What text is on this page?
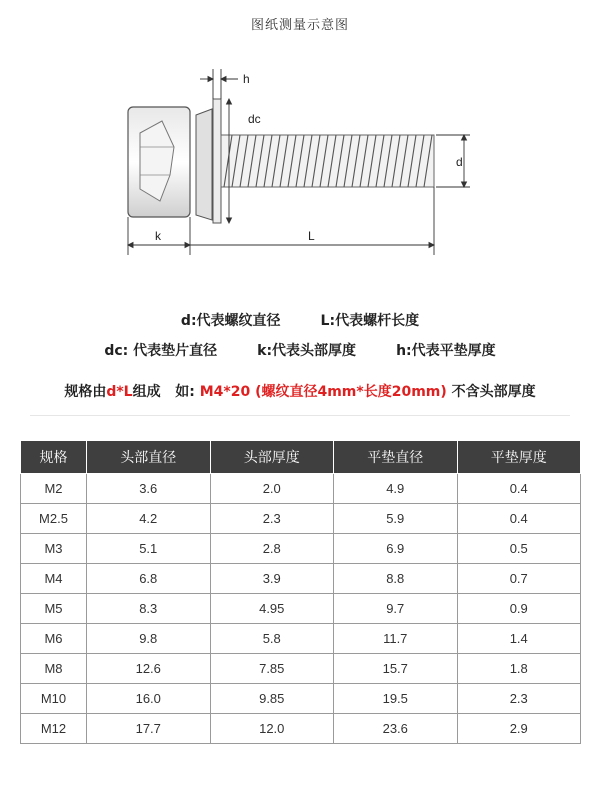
图纸测量示意图
h
dc
d
k	L
d:代表螺纹直径	L:代表螺杆长度
dc: 代表垫片直径	k:代表头部厚度	h:代表平垫厚度
规格由d*L组成   如: M4*20 (螺纹直径4mm*长度20mm) 不含头部厚度
规格	头部直径	头部厚度	平垫直径	平垫厚度
M2	3.6	2.0	4.9	0.4
M2.5	4.2	2.3	5.9	0.4
M3	5.1	2.8	6.9	0.5
M4	6.8	3.9	8.8	0.7
M5	8.3	4.95	9.7	0.9
M6	9.8	5.8	11.7	1.4
M8	12.6	7.85	15.7	1.8
M10	16.0	9.85	19.5	2.3
M12	17.7	12.0	23.6	2.9
